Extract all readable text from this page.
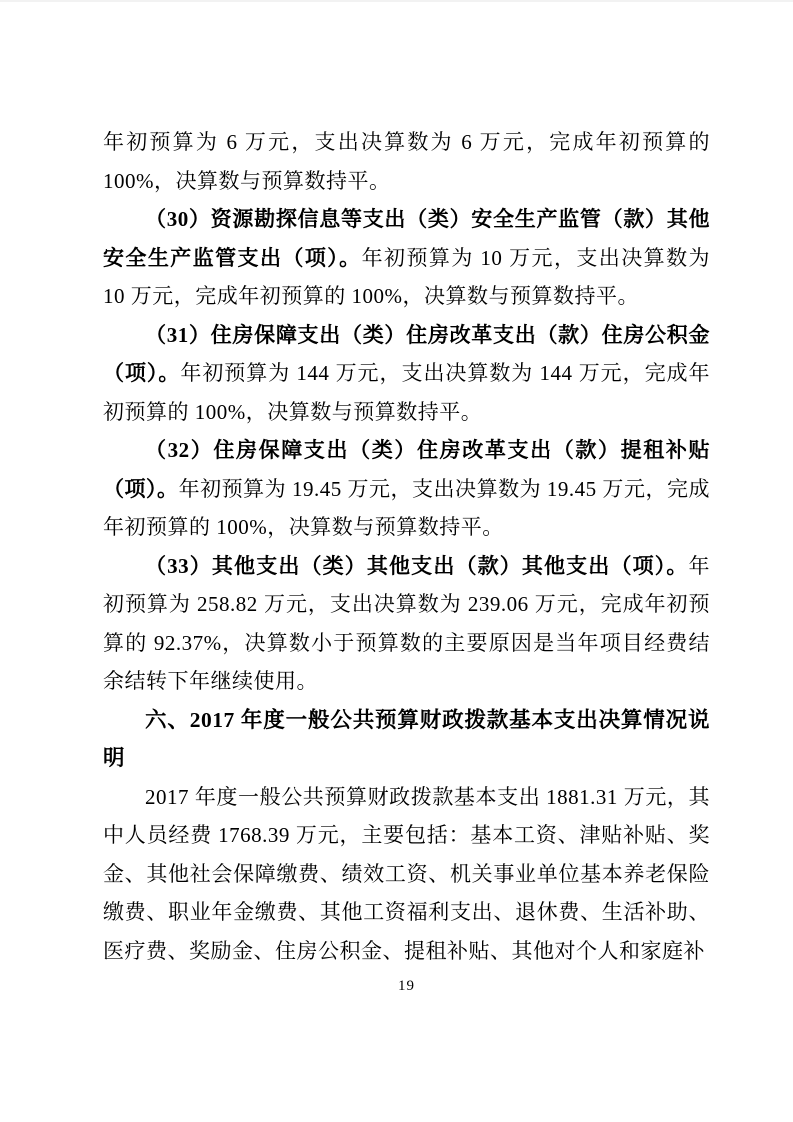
年初预算为 6 万元，支出决算数为 6 万元，完成年初预算的 100%，决算数与预算数持平。

（30）资源勘探信息等支出（类）安全生产监管（款）其他安全生产监管支出（项）。年初预算为 10 万元，支出决算数为 10 万元，完成年初预算的 100%，决算数与预算数持平。

（31）住房保障支出（类）住房改革支出（款）住房公积金（项）。年初预算为 144 万元，支出决算数为 144 万元，完成年初预算的 100%，决算数与预算数持平。

（32）住房保障支出（类）住房改革支出（款）提租补贴（项）。年初预算为 19.45 万元，支出决算数为 19.45 万元，完成年初预算的 100%，决算数与预算数持平。

（33）其他支出（类）其他支出（款）其他支出（项）。年初预算为 258.82 万元，支出决算数为 239.06 万元，完成年初预算的 92.37%，决算数小于预算数的主要原因是当年项目经费结余结转下年继续使用。

六、2017 年度一般公共预算财政拨款基本支出决算情况说明

2017 年度一般公共预算财政拨款基本支出 1881.31 万元，其中人员经费 1768.39 万元，主要包括：基本工资、津贴补贴、奖金、其他社会保障缴费、绩效工资、机关事业单位基本养老保险缴费、职业年金缴费、其他工资福利支出、退休费、生活补助、医疗费、奖励金、住房公积金、提租补贴、其他对个人和家庭补

19
